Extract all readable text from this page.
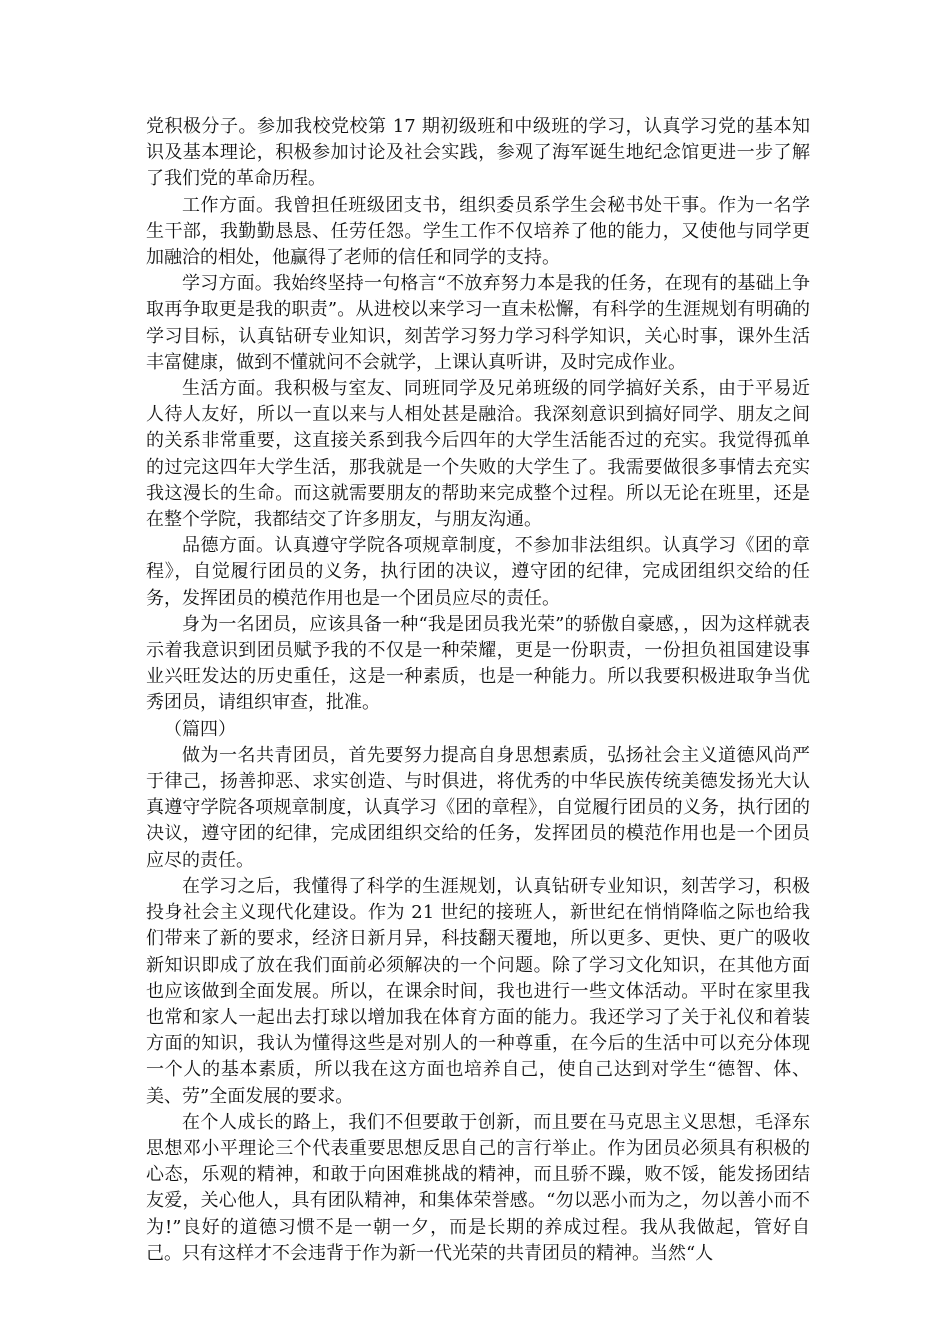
党积极分子。参加我校党校第 17 期初级班和中级班的学习，认真学习党的基本知识及基本理论，积极参加讨论及社会实践，参观了海军诞生地纪念馆更进一步了解了我们党的革命历程。

工作方面。我曾担任班级团支书，组织委员系学生会秘书处干事。作为一名学生干部，我勤勤恳恳、任劳任怨。学生工作不仅培养了他的能力，又使他与同学更加融洽的相处，他赢得了老师的信任和同学的支持。

学习方面。我始终坚持一句格言“不放弃努力本是我的任务，在现有的基础上争取再争取更是我的职责”。从进校以来学习一直未松懈，有科学的生涯规划有明确的学习目标，认真钻研专业知识，刻苦学习努力学习科学知识，关心时事，课外生活丰富健康，做到不懂就问不会就学，上课认真听讲，及时完成作业。

生活方面。我积极与室友、同班同学及兄弟班级的同学搞好关系，由于平易近人待人友好，所以一直以来与人相处甚是融洽。我深刻意识到搞好同学、朋友之间的关系非常重要，这直接关系到我今后四年的大学生活能否过的充实。我觉得孤单的过完这四年大学生活，那我就是一个失败的大学生了。我需要做很多事情去充实我这漫长的生命。而这就需要朋友的帮助来完成整个过程。所以无论在班里，还是在整个学院，我都结交了许多朋友，与朋友沟通。

品德方面。认真遵守学院各项规章制度，不参加非法组织。认真学习《团的章程》，自觉履行团员的义务，执行团的决议，遵守团的纪律，完成团组织交给的任务，发挥团员的模范作用也是一个团员应尽的责任。

身为一名团员，应该具备一种“我是团员我光荣”的骄傲自豪感，，因为这样就表示着我意识到团员赋予我的不仅是一种荣耀，更是一份职责，一份担负祖国建设事业兴旺发达的历史重任，这是一种素质，也是一种能力。所以我要积极进取争当优秀团员，请组织审查，批准。

（篇四）

做为一名共青团员，首先要努力提高自身思想素质，弘扬社会主义道德风尚严于律己，扬善抑恶、求实创造、与时俱进，将优秀的中华民族传统美德发扬光大认真遵守学院各项规章制度，认真学习《团的章程》，自觉履行团员的义务，执行团的决议，遵守团的纪律，完成团组织交给的任务，发挥团员的模范作用也是一个团员应尽的责任。

在学习之后，我懂得了科学的生涯规划，认真钻研专业知识，刻苦学习，积极投身社会主义现代化建设。作为 21 世纪的接班人，新世纪在悄悄降临之际也给我们带来了新的要求，经济日新月异，科技翻天覆地，所以更多、更快、更广的吸收新知识即成了放在我们面前必须解决的一个问题。除了学习文化知识，在其他方面也应该做到全面发展。所以，在课余时间，我也进行一些文体活动。平时在家里我也常和家人一起出去打球以增加我在体育方面的能力。我还学习了关于礼仪和着装方面的知识，我认为懂得这些是对别人的一种尊重，在今后的生活中可以充分体现一个人的基本素质，所以我在这方面也培养自己，使自己达到对学生“德智、体、美、劳”全面发展的要求。

在个人成长的路上，我们不但要敢于创新，而且要在马克思主义思想，毛泽东思想邓小平理论三个代表重要思想反思自己的言行举止。作为团员必须具有积极的心态，乐观的精神，和敢于向困难挑战的精神，而且骄不躁，败不馁，能发扬团结友爱，关心他人，具有团队精神，和集体荣誉感。“勿以恶小而为之，勿以善小而不为!”良好的道德习惯不是一朝一夕，而是长期的养成过程。我从我做起，管好自己。只有这样才不会违背于作为新一代光荣的共青团员的精神。当然“人
